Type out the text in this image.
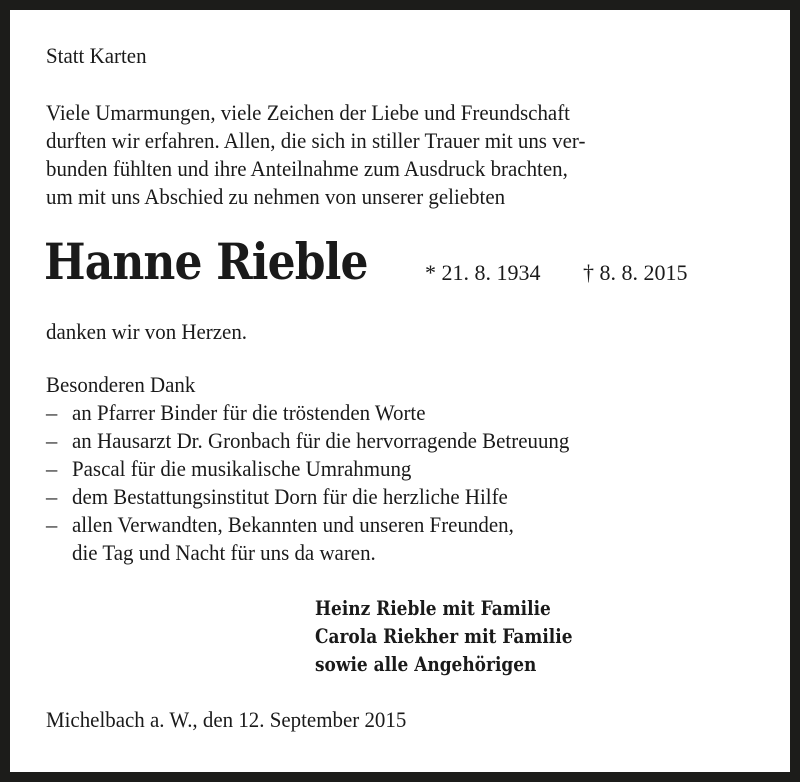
Statt Karten
Viele Umarmungen, viele Zeichen der Liebe und Freundschaft
durften wir erfahren. Allen, die sich in stiller Trauer mit uns ver-
bunden fühlten und ihre Anteilnahme zum Ausdruck brachten,
um mit uns Abschied zu nehmen von unserer geliebten
Hanne Rieble	* 21. 8. 1934 † 8. 8. 2015
danken wir von Herzen.
Besonderen Dank
– an Pfarrer Binder für die tröstenden Worte
– an Hausarzt Dr. Gronbach für die hervorragende Betreuung
– Pascal für die musikalische Umrahmung
– dem Bestattungsinstitut Dorn für die herzliche Hilfe
– allen Verwandten, Bekannten und unseren Freunden,
die Tag und Nacht für uns da waren.
Heinz Rieble mit Familie
Carola Riekher mit Familie
sowie alle Angehörigen
Michelbach a. W., den 12. September 2015
